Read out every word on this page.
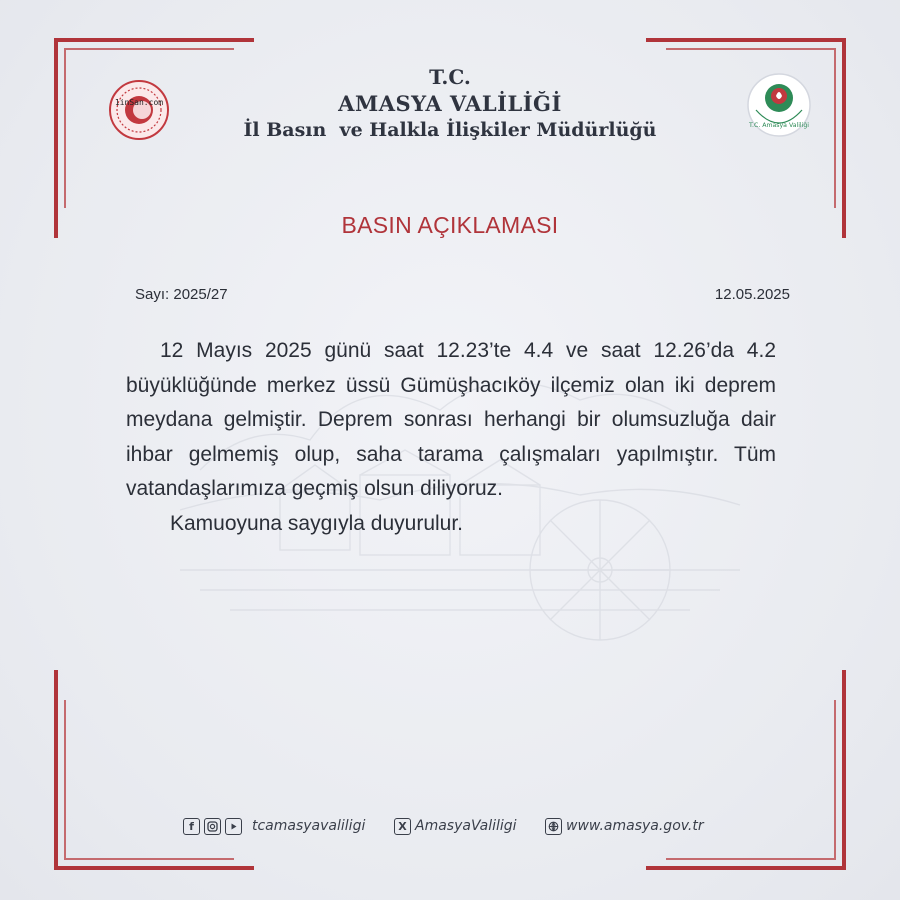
1inSan.com
T.C. Amasya Valiliği
T.C.
AMASYA VALİLİĞİ
İl Basın  ve Halkla İlişkiler Müdürlüğü
BASIN AÇIKLAMASI
Sayı: 2025/27	12.05.2025

12 Mayıs 2025 günü saat 12.23’te 4.4 ve saat 12.26’da 4.2 büyüklüğünde merkez üssü Gümüşhacıköy ilçemiz olan iki deprem meydana gelmiştir. Deprem sonrası herhangi bir olumsuzluğa dair ihbar gelmemiş olup, saha tarama çalışmaları yapılmıştır. Tüm vatandaşlarımıza geçmiş olsun diliyoruz.

Kamuoyuna saygıyla duyurulur.

f	tcamasyavaliligi	X AmasyaValiligi	www.amasya.gov.tr
